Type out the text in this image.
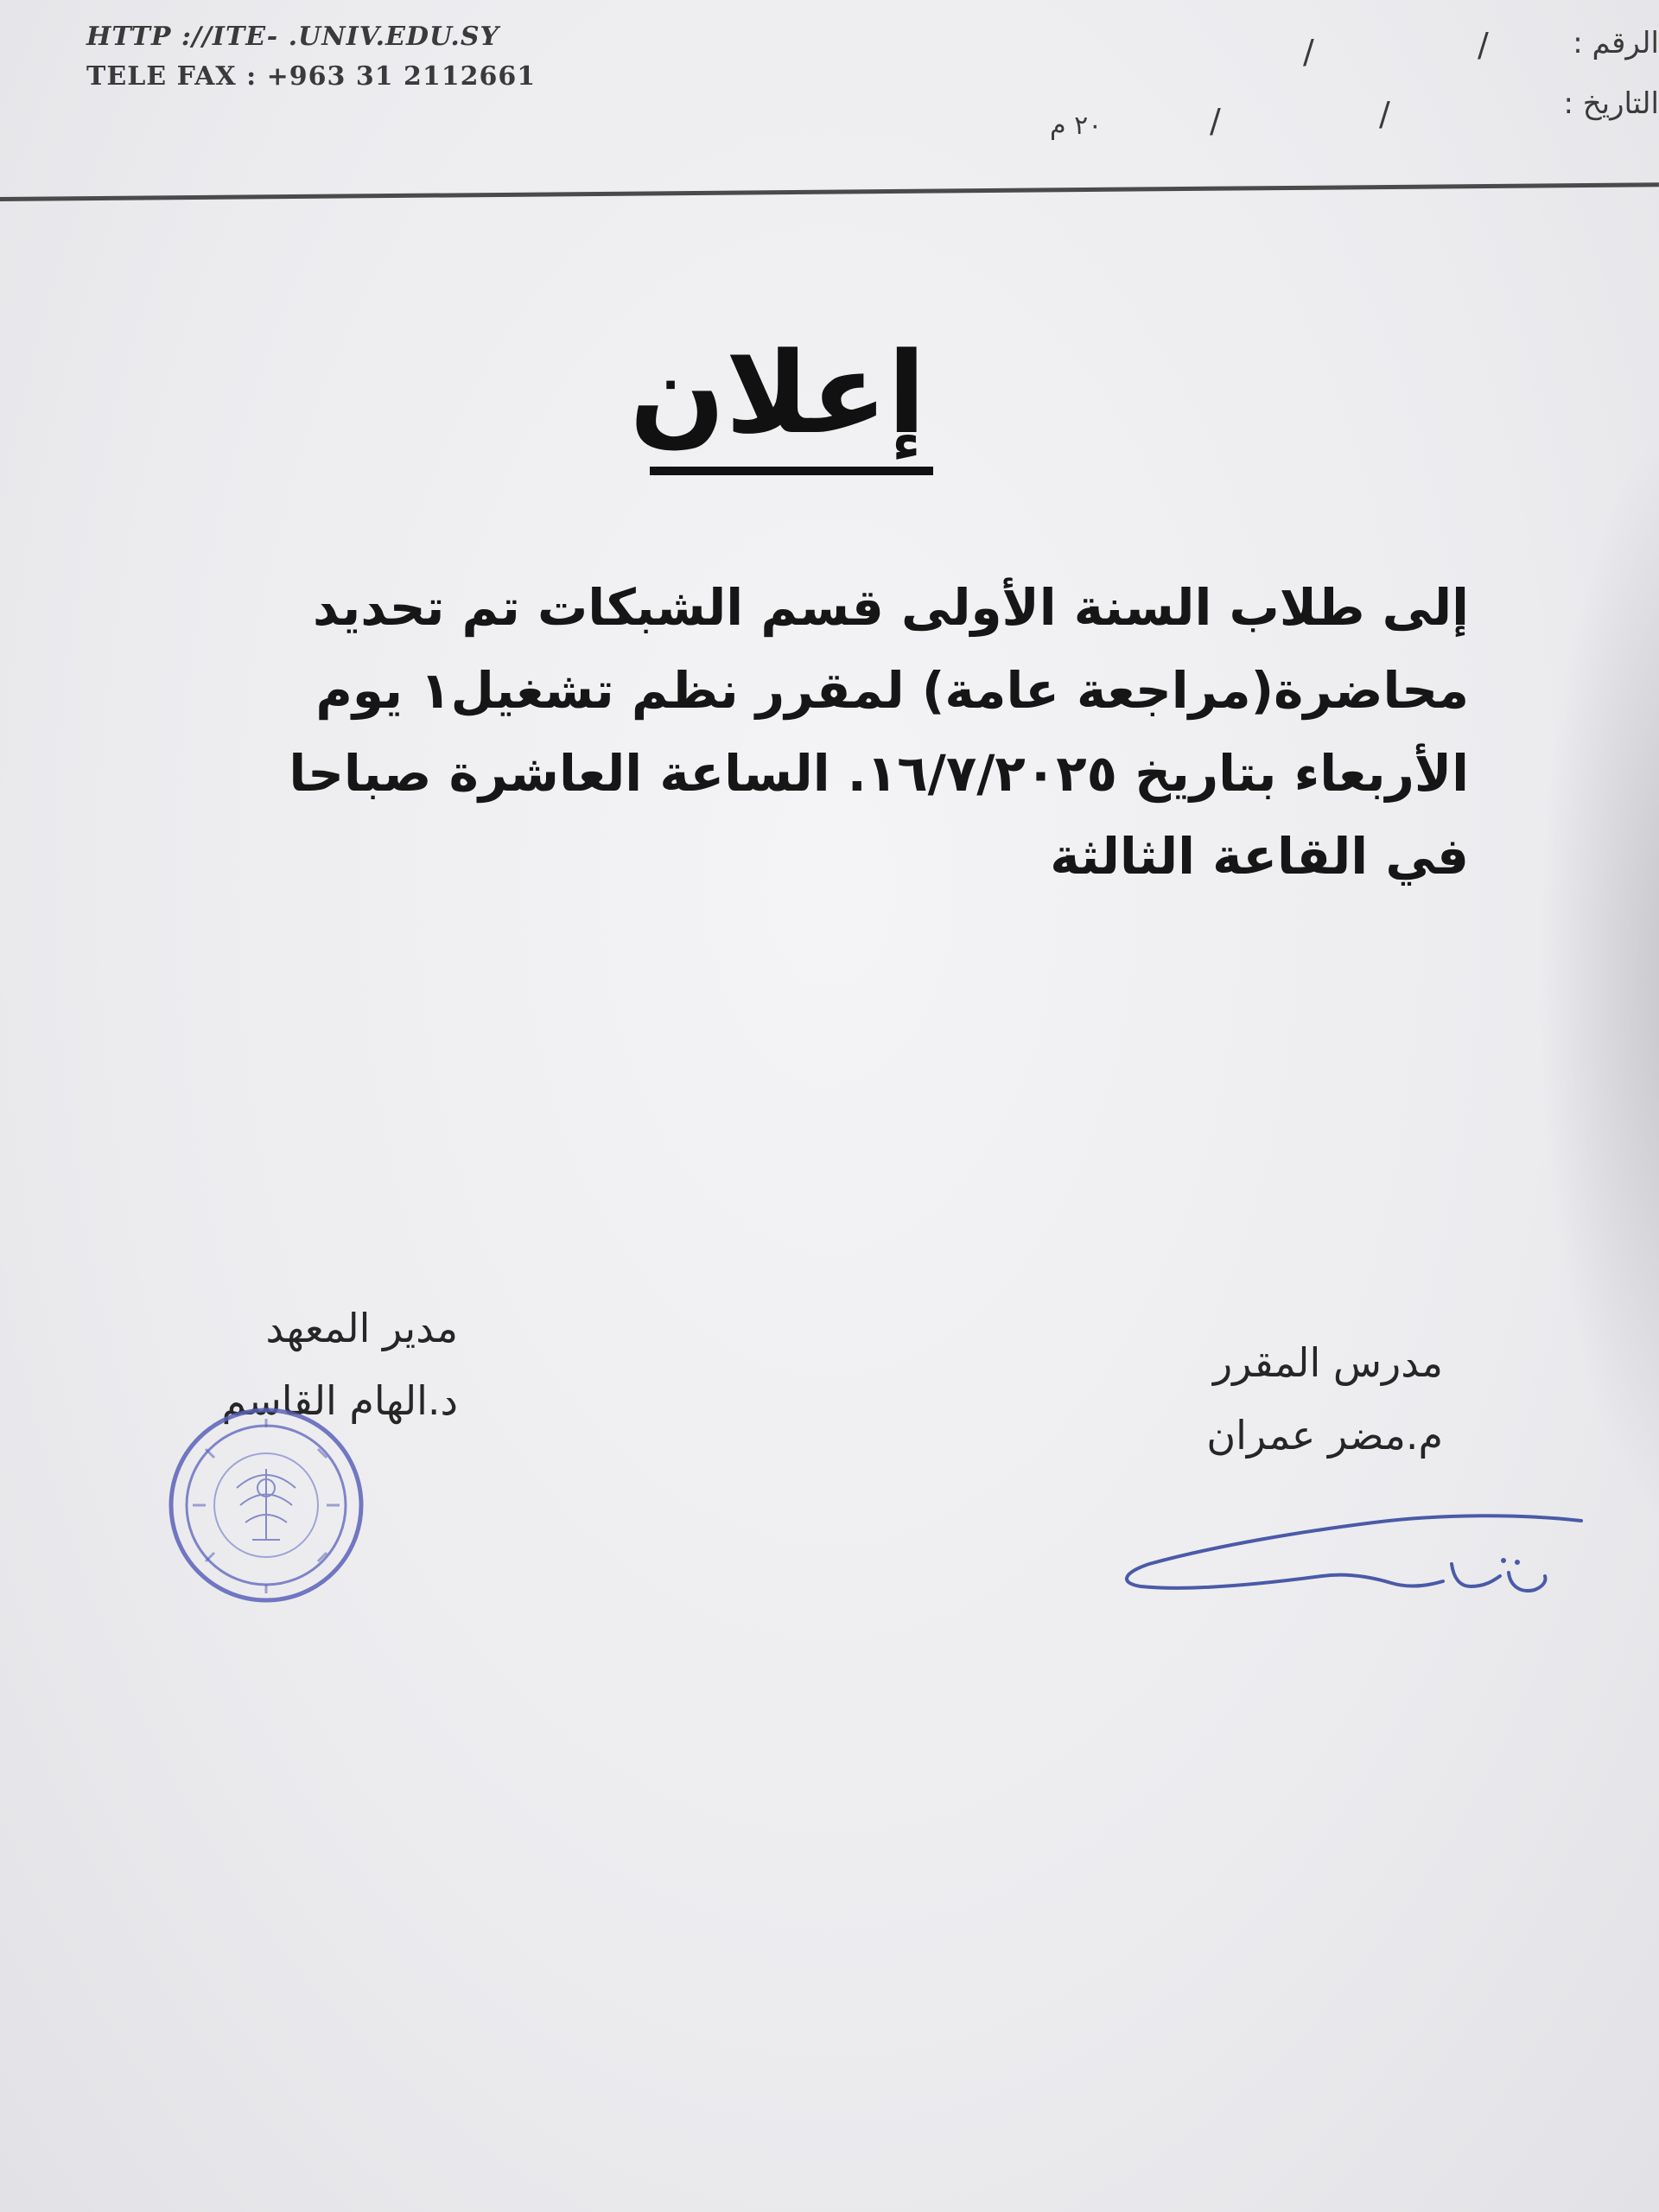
HTTP ://ITE- .UNIV.EDU.SY
TELE FAX : +963 31 2112661
الرقم :
التاريخ :
/
/
/
/
٢٠ م
إعلان
إلى طلاب السنة الأولى قسم الشبكات تم تحديد محاضرة(مراجعة عامة) لمقرر نظم تشغيل١ يوم الأربعاء بتاريخ ١٦/٧/٢٠٢٥. الساعة العاشرة صباحا في القاعة الثالثة
مدير المعهد
د.الهام القاسم
مدرس المقرر
م.مضر عمران
